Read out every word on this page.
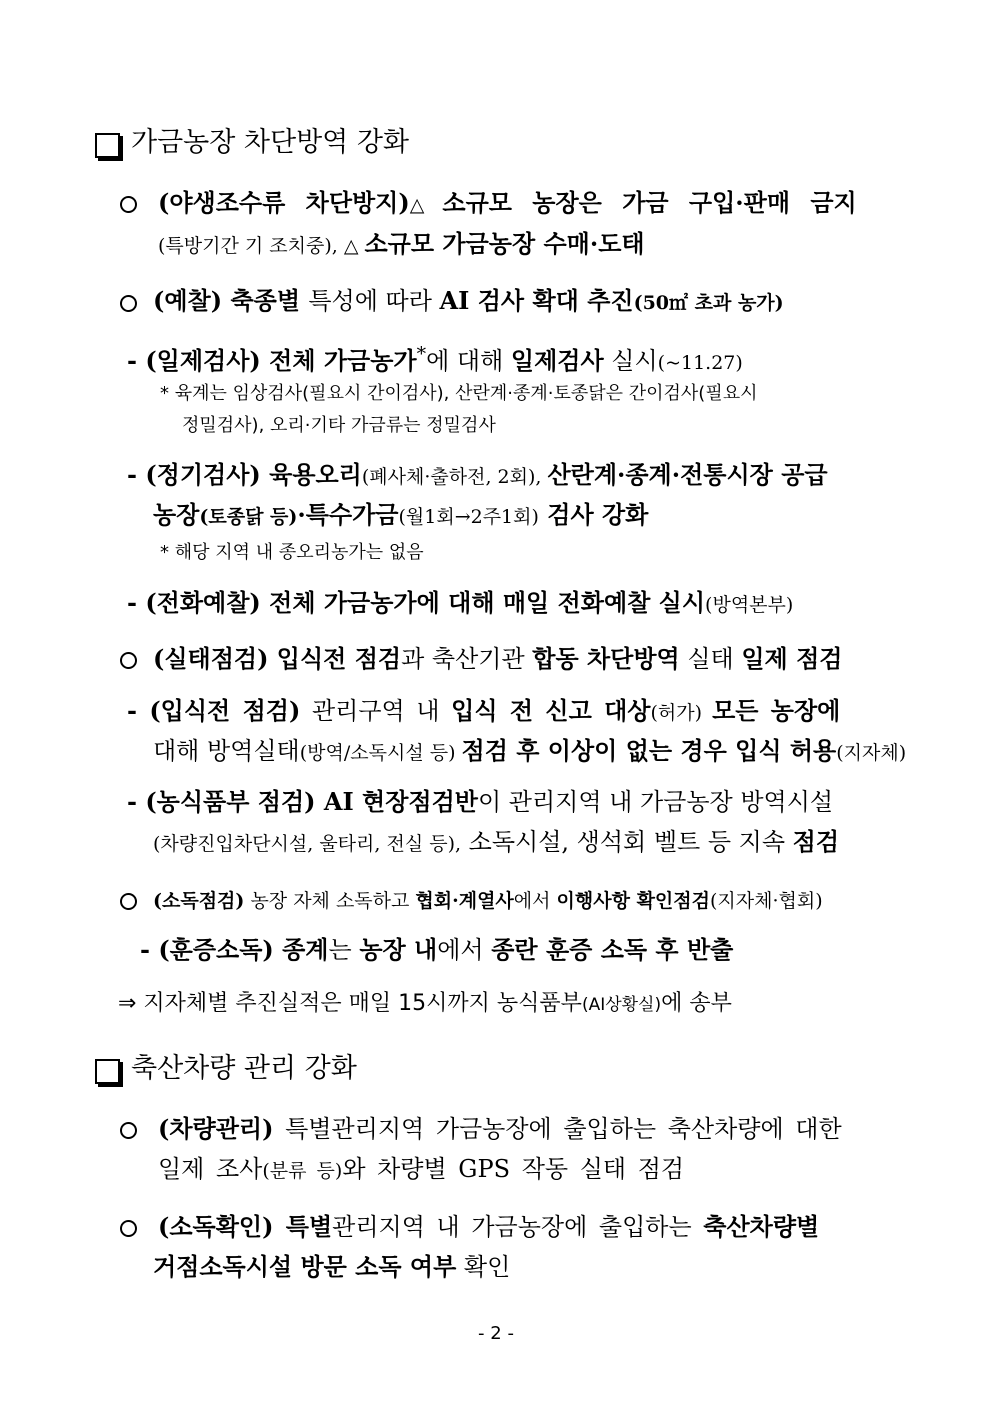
가금농장 차단방역 강화
(야생조수류 차단방지)△ 소규모 농장은 가금 구입·판매 금지
(특방기간 기 조치중), △ 소규모 가금농장 수매·도태
(예찰) 축종별 특성에 따라 AI 검사 확대 추진(50㎡ 초과 농가)
- (일제검사) 전체 가금농가*에 대해 일제검사 실시(~11.27)
* 육계는 임상검사(필요시 간이검사), 산란계·종계·토종닭은 간이검사(필요시
정밀검사), 오리·기타 가금류는 정밀검사
- (정기검사) 육용오리(폐사체·출하전, 2회), 산란계·종계·전통시장 공급
농장(토종닭 등)·특수가금(월1회→2주1회) 검사 강화
* 해당 지역 내 종오리농가는 없음
- (전화예찰) 전체 가금농가에 대해 매일 전화예찰 실시(방역본부)
(실태점검) 입식전 점검과 축산기관 합동 차단방역 실태 일제 점검
- (입식전 점검) 관리구역 내 입식 전 신고 대상(허가) 모든 농장에
대해 방역실태(방역/소독시설 등) 점검 후 이상이 없는 경우 입식 허용(지자체)
- (농식품부 점검) AI 현장점검반이 관리지역 내 가금농장 방역시설
(차량진입차단시설, 울타리, 전실 등), 소독시설, 생석회 벨트 등 지속 점검
(소독점검) 농장 자체 소독하고 협회·계열사에서 이행사항 확인점검(지자체·협회)
- (훈증소독) 종계는 농장 내에서 종란 훈증 소독 후 반출
⇒ 지자체별 추진실적은 매일 15시까지 농식품부(AI상황실)에 송부
축산차량 관리 강화
(차량관리) 특별관리지역 가금농장에 출입하는 축산차량에 대한
일제 조사(분류 등)와 차량별 GPS 작동 실태 점검
(소독확인) 특별관리지역 내 가금농장에 출입하는 축산차량별
거점소독시설 방문 소독 여부 확인
- 2 -
